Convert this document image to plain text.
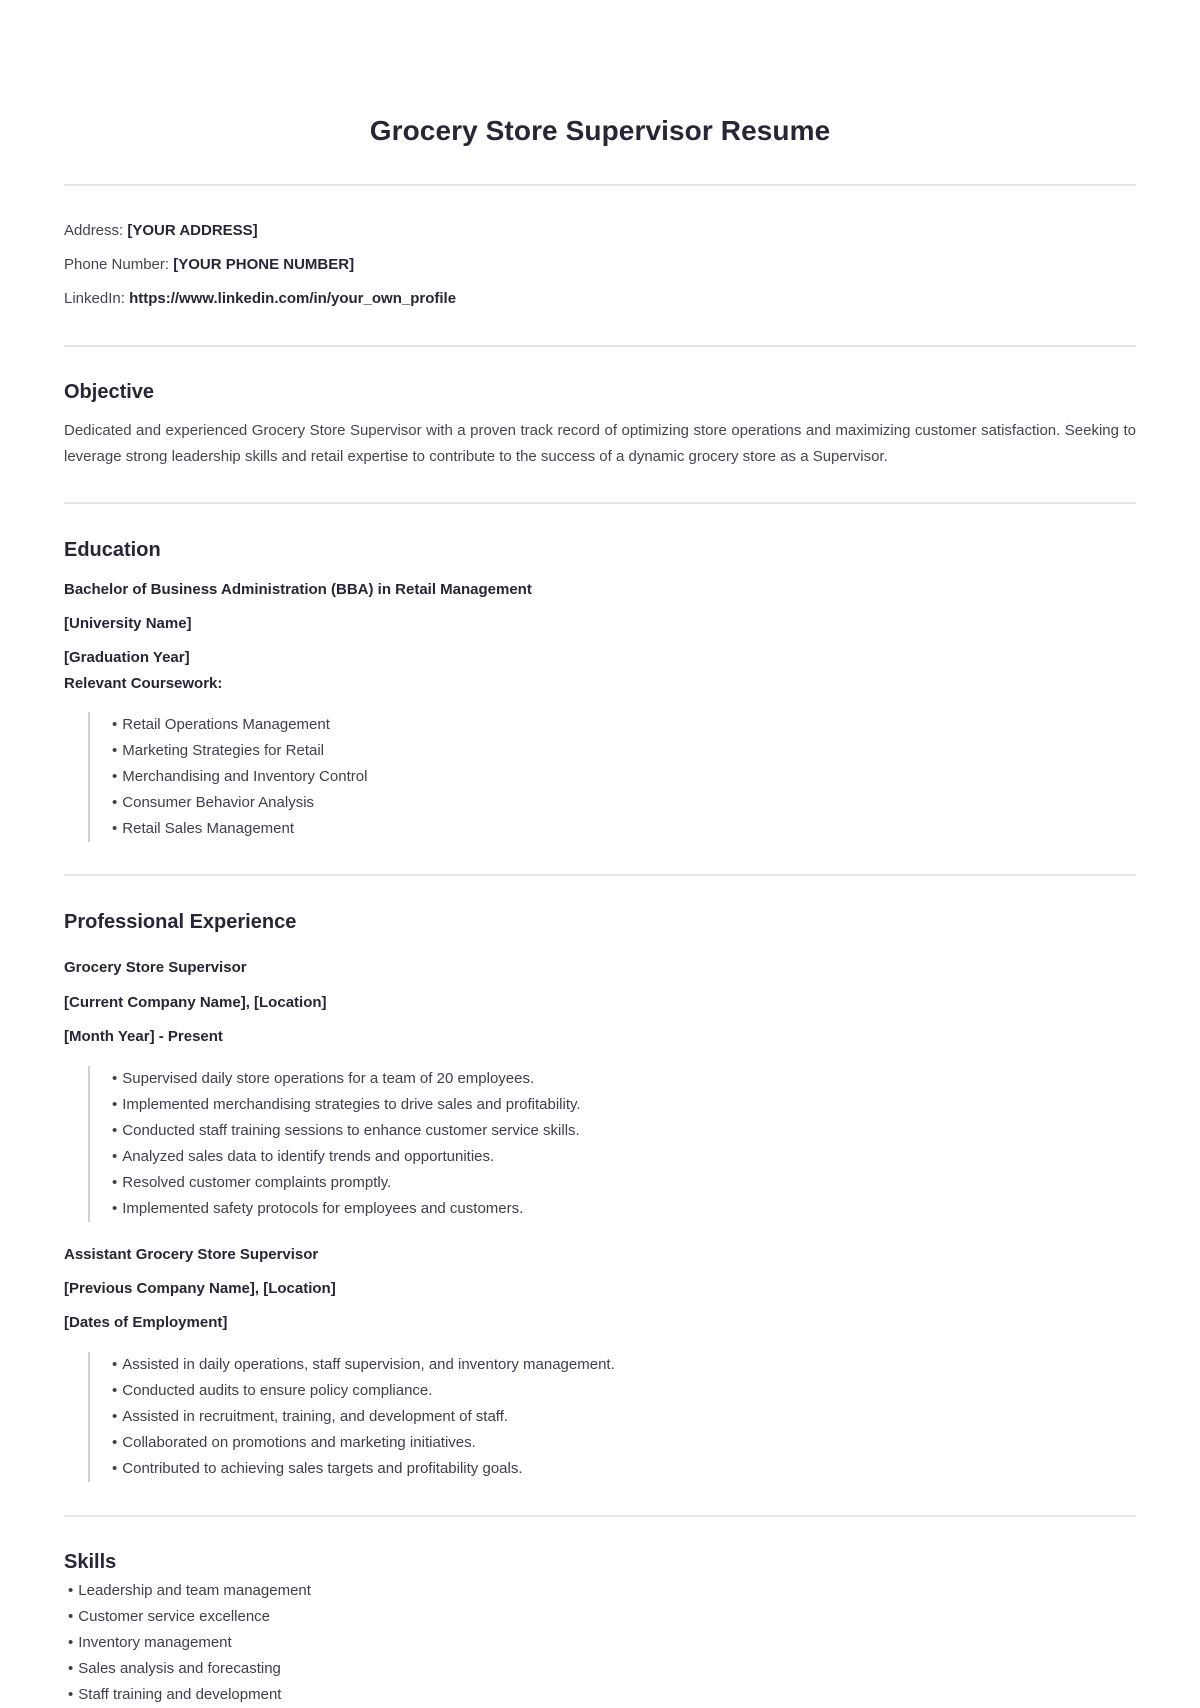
Grocery Store Supervisor Resume

Address: [YOUR ADDRESS]

Phone Number: [YOUR PHONE NUMBER]

LinkedIn: https://www.linkedin.com/in/your_own_profile

Objective

Dedicated and experienced Grocery Store Supervisor with a proven track record of optimizing store operations and maximizing customer satisfaction. Seeking to leverage strong leadership skills and retail expertise to contribute to the success of a dynamic grocery store as a Supervisor.

Education

Bachelor of Business Administration (BBA) in Retail Management

[University Name]

[Graduation Year]

Relevant Coursework:

• Retail Operations Management
• Marketing Strategies for Retail
• Merchandising and Inventory Control
• Consumer Behavior Analysis
• Retail Sales Management
Professional Experience

Grocery Store Supervisor

[Current Company Name], [Location]

[Month Year] - Present

• Supervised daily store operations for a team of 20 employees.
• Implemented merchandising strategies to drive sales and profitability.
• Conducted staff training sessions to enhance customer service skills.
• Analyzed sales data to identify trends and opportunities.
• Resolved customer complaints promptly.
• Implemented safety protocols for employees and customers.

Assistant Grocery Store Supervisor

[Previous Company Name], [Location]

[Dates of Employment]

• Assisted in daily operations, staff supervision, and inventory management.
• Conducted audits to ensure policy compliance.
• Assisted in recruitment, training, and development of staff.
• Collaborated on promotions and marketing initiatives.
• Contributed to achieving sales targets and profitability goals.
Skills
• Leadership and team management
• Customer service excellence
• Inventory management
• Sales analysis and forecasting
• Staff training and development
